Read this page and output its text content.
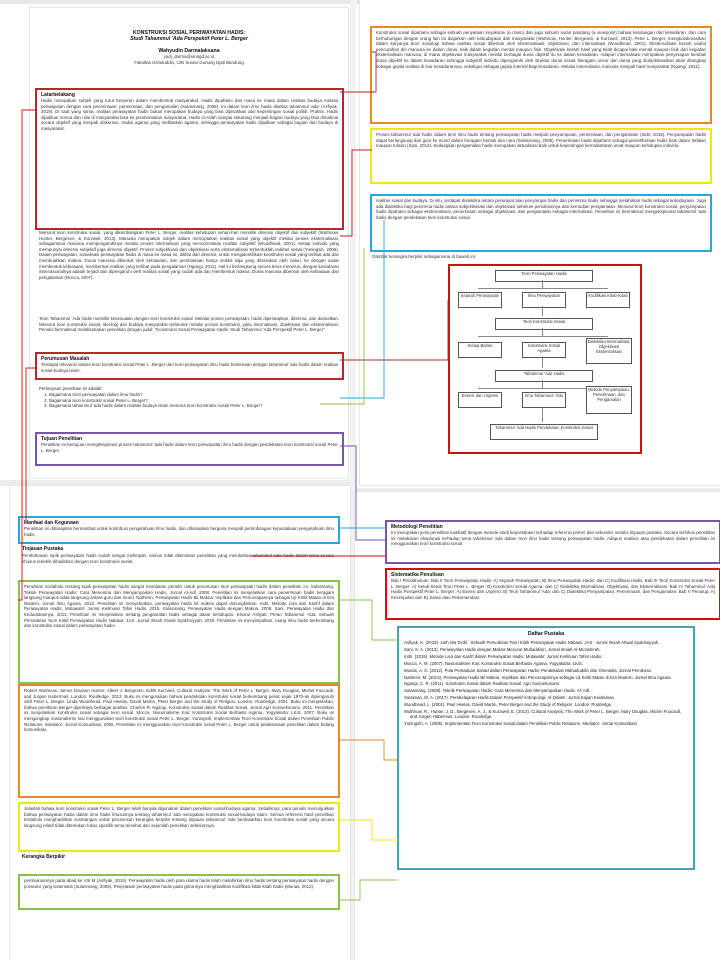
KONSTRUKSI SOSIAL PERIWAYATAN HADIS:
Studi Tahammul 'Ada Perspektif Peter L. Berger
Wahyudin Darmalaksana
yudi_darma@uinsgd.ac.id
Fakultas Ushuluddin, UIN Sunan Gunung Djati Bandung
Latarbelakang
Hadis merupakan subjek yang turut berperan dalam membentuk masyarakat. Hadis dipahami dan masa ke masa dalam realitas budaya melalui periwayatan dengan cara penerimaan, penerimaan, dan pengamalan (Sulasmang, 2008). Ini dalam teori ilmu hadis disebut tahammul 'ada' (Asfiyak, 2019). Di saat yang sama, realitas periwayatan hadis bukan merupakan budaya yang bisa dipisahkan dari kepentingan sosial politik. Praktis, Hadis dijadikan norma dan nilai di masyarakat bisa ke pembentukan masyarakat. Hadis ini telah sampai sekarang menjadi bagian budaya yang bisa dimaknai secara objektif yang menjadi diskursus, tradisi agama yang melibatkan agama, sehingga periwayatan hadis dijadikan sebagai bagian dari budaya di masyarakat.
Menurut teori konstruksi sosial, yang dikembangkan Peter L. Berger, realitas kehidupan sehari-hari memiliki dimensi objektif dan subjektif (Wuthnow, Hunter, Bergesen, & Kurzweil, 2013). Manusia merupakan subjek dalam menciptakan realitas sosial yang objektif melalui proses eksternalisasi, sebagaimana manusia mempengaruhinya melalui proses internalisasi yang mencerminkan realitas subjektif (Woodhead, 2001). Setiap individu yang mempunyai dimensi subjektif juga dimensi objektif. Proses subjektivasi dan objektivasi serta eksternalisasi terbentuklah realitas sosial (Yuningsih, 2006). Dalam periwayatan, sosialisasi periwayatan hadis di masa ke masa ini, dilihat dari dimensi, untuk mengidentifikasi konstruksi sosial yang terlibat ada dan membuahkan makna. Dunia manusia dibentuk oleh kebiasaan, dan pembiasaan hanya sedikit saja yang ditentukan oleh naluri, ke dengan sadar membentuk kebiasaan, membentuk realitas yang terlibat pada pengalaman (Ngangi, 2011). Hal ini berlangsung secara terus menerus, dengan kesadaran internasionalnya adalah terjadi dan dipengaruhi oleh realitas sosial yang sudah ada dan membentuk makna. Dunia manusia dibentuk oleh kebiasaan dan pengalaman (Mocca, 2007).
Teori Tahammul 'Ada hadis memiliki kesesuaian dengan teori konstruksi sosial. Melalui proses periwayatan, hadis dipersiapkan, diterima, dan diamalkan. Menurut teori konstruksi sosial, ideologi dan budaya masyarakat terbentuk melalui proses konstruksi, yaitu internalisasi, objektivasi dan eksternalisasi. Penulis bermaksud melaksanakan penelitian dengan judul: "Konstruksi Sosial Periwayatan Hadis: Studi Tahammul 'Ada Perspektif Peter L. Berger".
Perumusan Masalah
Terdapat relevansi antara teori konstruksi sosial Peter L. Berger dan teori periwayatan ilmu hadis berkenaan dengan tahammul 'ada hadis dalam realitas sosial-budaya islam.
Pertanyaan penelitian ini adalah:
1. Bagaimana teori periwayatan dalam ilmu hadis?
2. Bagaimana teori konstruksi sosial Peter L. Berger?
3. Bagaimana tahammul 'ada hadis dalam realitas budaya islam menurut teori konstruksi sosial Peter L. Berger?
Tujuan Penelitian
Penelitian ini bertujuan mengeksplorasi proses tahammul 'ada hadis dalam teori periwayatan ilmu hadis dengan pendekatan teori konstruksi sosial Peter L. Berger.
Konstruksi sosial dipahami sebagai sebuah penyataan keyakinan (a claim) dan juga sebuah sudut pandang (a viewpoint) bahwa kandungan dari kesadaran, dan cara berhubungan dengan orang lain itu diajarkan oleh kebudayaan dan masyarakat (Wuthnow, Hunter, Bergesen, & Kurzweil, 2013). Peter L. Berger, mengkolaborasikan dalam karyanya teori sosiologi bahwa realitas sosial dibentuk oleh eksternalisasi, objektivasi, dan internalisasi (Woodhead, 2001). Eksternalisasi berarti usaha pencurahan diri manusia ke dalam dunia, baik dalam kegiatan mental maupun fisik. Objektivasi berarti hasil yang telah dicapai baik mental maupun fisik dari kegiatan eksternalisasi manusia, di mana objektivasi masyarakat melalui berbagai dunia objektif itu ke dalam kesadaran. Adapun internalisasi merupakan penyerapan kembali dunia objektif ke dalam kesadaran sehingga subjektif individu dipengaruhi oleh struktur dunia sosial. Beragam unsur dari dunia yang diobjektivasikan akan ditangkap sebagai gejala realitas di luar kesadarannya, sekaligus sebagai gejala internal bagi kesadaran. Melalui internalisasi, manusia menjadi hasil masyarakat (Ngangi, 2011).
Proses tahammul 'ada hadis dalam teori ilmu hadis tentang periwayatan hadis meliputi penyampaian, penerimaan, dan pengamalan (Indri, 2015). Penyampaian hadis dapat berlangsung dari guru ke murid dalam beragam bentuk dan cara (Sulasmang, 2008). Penerimaan hadis dipahami sebagai pemeliharaan hadis baik dalam hafalan maupun tulisan (Sani, 2013). Sedangkan pengamalan hadis merupakan aktualisasi baik untuk kepentingan kemaslahatan umat maupun kehidupan individu.
realitas sosial dan budaya. Di situ, terdapat dialektika antara periwayat atau penyampai hadis dan penerima hadis sehingga melahirkan hadis sebagai kebudayaan. Juga ada dialektika bagi penerima hadis antara subjektivisasi dan objektivasi sebelum penulisannya dan kemudian pengamalan. Menurut teori konstruksi sosial, penyampaian hadis dipahami sebagai eksternalisasi, penerimaan sebagai objektivasi, dan pengamalan sebagai internalisasi. Penelitian ini bermaksud mengeksplorasi tahammul 'ada hadis dengan pendekatan teori konstruksi sosial.
Gambar kerangka berpikir sebagaimana di bawah ini:
Teori Periwayatan Hadis
Sejarah Periwayatan	Ilmu Periwayatan	Kodifikasi Kitab-Kitab
Teori Konstruksi Sosial
Setiap Bahan	Konstruksi Sosial Agama
Dialektika Internalisasi, Objektivasi Eksternalisasi
Tahammul 'Ada Hadis
Esensi dan Urgensi	Ilmu Tahammul 'Ada
Metode Penyampaian, Penerimaan, dan Pengamalan
Tahammul 'Ada Hadis Pendekatan Konstruksi Sosial
Manfaat dan Kegunaan
Penelitian ini diharapkan bermanfaat untuk kontribusi pengetahuan ilmu hadis, dan diharapkan berguna menjadi pertimbangan kepustakaan pengetahuan ilmu hadis.
Tinjauan Pustaka
Pembahasan topik periwayatan hadis sudah sangat melimpah, namun tidak ditemukan penelitian yang membahas tahammul 'ada hadis dalam tema secara khusus terlebih dihadirkan dengan teori konstruksi sosial.
Penelitian terdahulu tentang topik periwayatan hadis sangat membantu penulis untuk perumusan teori periwayatan hadis dalam penelitian ini. Sulasmang, Teknik Periwayatan Hadis: Cara Menerima dan Menyampaikan Hadis, Jurnal Al-Adl, 2008. Penelitian ini menjelaskan cara penerimaan hadis beragam langsung maupun tidak langsung antara guru dan murid. Nathiren, Periwayatan Hadis Bil Makna: Implikasi dan Pencerapannya sebagai Uji Kritik Matan di Era Modern, Jurnal Ilmu Agama, 2013. Penelitian ini menyebutkan, periwayatan hadis bil makna dapat dimungkinkan. Indri, Metode Lisa dan Kashf dalam Periwayatan Hadis, Mutawatir: Jurnal Keilmuan Tafsir Hadis, 2015. Sulasmang, Periwayatan Hadis dengan Makna, 2008. Sani, Periwayatan Hadis dan Kedudukannya, 2013. Penelitian ini menjelaskan tentang pengamalan hadis sebagai dasar kehidupan. Khoirul Asfiyak, Peran Tahammul 'Ada: Sebuah Pemodelan Teori Kritik Periwayatan Hadis Nabawi, JAS: Jurnal Ilmiah Ahwal Syakhsiyyah, 2019. Penelitian ini menyimpulkan, ruang ilmu hadis berkembang dan konstruksi sosial dalam periwayatan hadis.
Robert Wuthnow, James Davison Hunter, Albert J. Bergesen, Edith Kurzweil, Cultural Analysis: The Work of Peter L. Berger, Mary Douglas, Michel Foucault, and Jurgen Habermas, London: Routledge, 2013. Buku ini menguraikan bahwa pendekatan konstruksi sosial berkembang pesat sejak 1970-an dipengaruhi oleh Peter L. Berger. Linda Woodhead, Paul Heelas, David Martin, Peter Berger and the Study of Religion, London: Routledge, 2001. Buku ini menjelaskan, bahwa pemikiran Berger diperkaya berbagai analisis. Charles R. Ngangi, Konstruksi Sosial dalam Realitas Sosial, Jurnal Agri Sosioekonomi, 2011. Penelitian ini menjelaskan konstruksi sosial sebagai teori sosial. Mocca, Nasionalisme Kiai: Konstruksi Sosial Berbasis Agama, Yogyakarta: LKiS, 2007. Buku ini mengungkap nasionalisme kiai menggunakan teori konstruksi sosial Peter L. Berger. Yuningsih, Implementasi Teori Konstruksi Sosial dalam Penelitian Public Relations, Mediator: Jurnal Komunikasi, 2006. Penelitian ini menggunakan teori konstruksi sosial Peter L. Berger untuk pelaksanaan penelitian dalam bidang komunikasi.
Jelaslah bahwa teori konstruksi sosial Peter L. Berger telah banyak digunakan dalam penelitian sosial-budaya agama. Sebaliknya, para penulis menunjukkan bahwa periwayatan hadis dalam ilmu hadis khususnya tentang tahammul 'ada merupakan konstruksi sosial-budaya islam. Semua referensi hasil penelitian terdahulu menghadirkan sumbangan untuk perumusan kerangka berpikir tentang tinjauan tahammul 'ada berdasarkan teori konstruksi sosial yang secara langsung relatif tidak ditemukan fokus spesifik tema tersebut dari sejumlah penelitian sebelumnya.
Kerangka Berpikir
pembukuannya pada abad ke VIII M (Asfiyak, 2019). Periwayatan hadis oleh para ulama hadis telah melahirkan ilmu hadis tentang periwayatan hadis dengan prosedur yang sistematis (Sulasmang, 2008). Penjelasan periwayatan hadis pada gilirannya menghasilkan kodifikasi kitab-kitab hadis (Munas, 2012).
Metodologi Penelitian
Ini merupakan jenis penelitian kualitatif dengan metode studi kepustakaan terhadap referensi primer dan sekunder melalui tinjauan pustaka. Secara terfokus penelitian ini melakukan eksplorasi terhadap tema tahammul 'ada dalam teori ilmu hadis tentang periwayatan hadis. Adapun analisis atau pendekatan dalam penelitian ini menggunakan teori konstruksi sosial.
Sistematika Penulisan
Bab I Pendahuluan. Bab II Teori Periwayatan Hadis: A) Sejarah Periwayatan; B) Ilmu Periwayatan Hadis; dan C) Kodifikasi Hadis. Bab III Teori Konstruksi Sosial Peter L. Berger: A) Setuk-Setuk Teori Peter L. Berger; B) Konstruksi Sosial Agama; dan C) Dialektika Internalisasi, Objektivasi, dan Eksternalisasi. Bab IV Tahammul 'Ada Hadis Perspektif Peter L. Berger: A) Esensi dan Urgensi; B) Teori Tahammul 'Ada; dan C) Dialektika Penyampaian, Penerimaan, dan Pengamalan. Bab V Penutup: A) Kesimpulan dan B) Saran atau Rekomendasi.
Daftar Pustaka
Asfiyak, K. (2019). Jarh Wa Ta'dil : Sebuah Pemodelan Teori Kritik Periwayatan Hadis Nabawi. JAS : Jurnal Ilmiah Ahwal Syakhsiyyah.
Sani, S. A. (2013). Periwayatan Hadis dengan Makna Menurut Muhaddisin. Jurnal Ilmiah Al-Mu'ashirah.
Indri. (2015). Metode Lisa dan Kashf dalam Periwayatan Hadis. Mutawatir: Jurnal Keilmuan Tafsir Hadis.
Mocca, A. M. (2007). Nasionalisme Kiai: Konstruksi Sosial Berbasis Agama. Yogyakarta: LKiS.
Munas, A. C. (2012). Pola Pemaduan Sanad dalam Periwayatan Hadis: Pendekatan Mahaduddin dan Orientalis. Jurnal Pemikiran.
Nathiren, M. (2013). Periwayatan Hadis Bil Makna: Implikasi dan Pencerapannya sebagai Uji Kritik Matan di Era Modern. Jurnal Ilmu Agama.
Ngangi, C. R. (2011). Konstruksi Sosial dalam Realitas Sosial. Agri Sosioekonomi.
Sulasmang. (2008). Teknik Periwayatan Hadis: Cara Menerima dan Menyampaikan Hadis. Al-'Adl.
Sulaiman, M. A. (2017). Pembelajaran Hadis Dalam Perspektif Antropologi. Al-Qalam: Jurnal Kajian Keislaman.
Woodhead, L. (2001). Paul Heelas, David Martin, Peter Berger and the Study of Religion. London: Routledge.
Wuthnow, R., Hunter, J. D., Bergesen, A. J., & Kurzweil, E. (2013). Cultural Analysis: The Work of Peter L. Berger, Mary Douglas, Michel Foucault, and Jurgen Habermas. London: Routledge.
Yuningsih, A. (2006). Implementasi Teori Konstruksi Sosial dalam Penelitian Public Relations. Mediator: Jurnal Komunikasi.
